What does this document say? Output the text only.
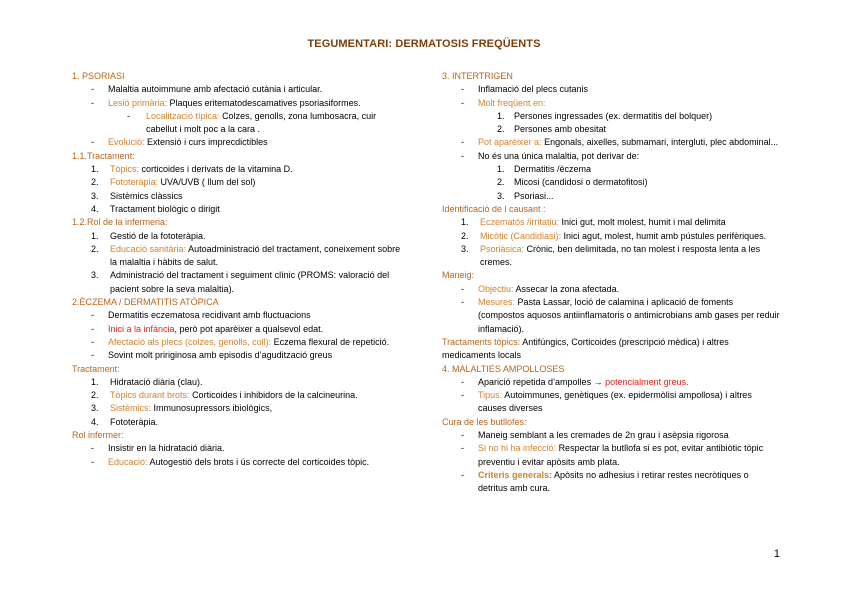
TEGUMENTARI: DERMATOSIS FREQÜENTS
1. PSORIASI
- Malaltia autoimmune amb afectació cutània i articular.
- Lesió primària: Plaques eritematodescamatives psoriasiformes.
- Localització típica: Colzes, genolls, zona lumbosacra, cuir cabellut i molt poc a la cara .
- Evolució: Extensió i curs imprecdictibles
1.1.Tractament:
1. Tòpics: corticoides i derivats de la vitamina D.
2. Fototeràpia: UVA/UVB ( llum del sol)
3. Sistèmics clàssics
4. Tractament biològic o dirigit
1.2.Rol de la infermeria:
1. Gestió de la fototeràpia.
2. Educació sanitària: Autoadministració del tractament, coneixement sobre la malaltia i hàbits de salut.
3. Administració del tractament i seguiment clínic (PROMS: valoració del pacient sobre la seva malaltia).
2.ÈCZEMA / DERMATITIS ATÒPICA
- Dermatitis eczematosa recidivant amb fluctuacions
- Inici a la infància, però pot aparèixer a qualsevol edat.
- Afectació als plecs (colzes, genolls, coll): Eczema flexural de repetició.
- Sovint molt pririginosa amb episodis d’agudització greus
Tractament:
1. Hidratació diària (clau).
2. Tòpics durant brots: Corticoides i inhibidors de la calcineurina.
3. Sistèmics: Immunosupressors ibiològics,
4. Fototeràpia.
Rol infermer:
- Insistir en la hidratació diària.
- Educació: Autogestió dels brots i ús correcte del corticoides tòpic.
3. INTERTRIGEN
- Inflamació del plecs cutanis
- Molt freqüent en:
1. Persones ingressades (ex. dermatitis del bolquer)
2. Persones amb obesitat
- Pot aparèixer a: Engonals, aixelles, submamari, intergluti, plec abdominal...
- No és una única malaltia, pot derivar de:
1. Dermatitis /èczema
2. Micosi (candidosi o dermatofitosi)
3. Psoriasi...
Identificació de l causant :
1. Eczematós /irritatiu: Inici gut, molt molest, humit i mal delimita
2. Micòtic (Candidiasi): Inici agut, molest, humit amb pústules perifèriques.
3. Psoriàsica: Crònic, ben delimitada, no tan molest i resposta lenta a les cremes.
Maneig:
- Objectiu: Assecar la zona afectada.
- Mesures: Pasta Lassar, loció de calamina i aplicació de foments (compostos aquosos antiinflamatoris o antimicrobians amb gases per reduir inflamació).
Tractaments tòpics: Antifúngics, Corticoides (prescripció mèdica) i altres medicaments locals
4. MALALTIES AMPOLLOSES
- Aparició repetida d’ampolles → potencialment greus.
- Tipus: Autoimmunes, genètiques (ex. epidermòlisi ampollosa) i altres causes diverses
Cura de les butllofes:
- Maneig semblant a les cremades de 2n grau i asèpsia rigorosa
- Si no hi ha infecció: Respectar la butllofa si es pot, evitar antibiòtic tòpic preventiu i evitar apòsits amb plata.
- Criteris generals: Apòsits no adhesius i retirar restes necròtiques o detritus amb cura.
1
